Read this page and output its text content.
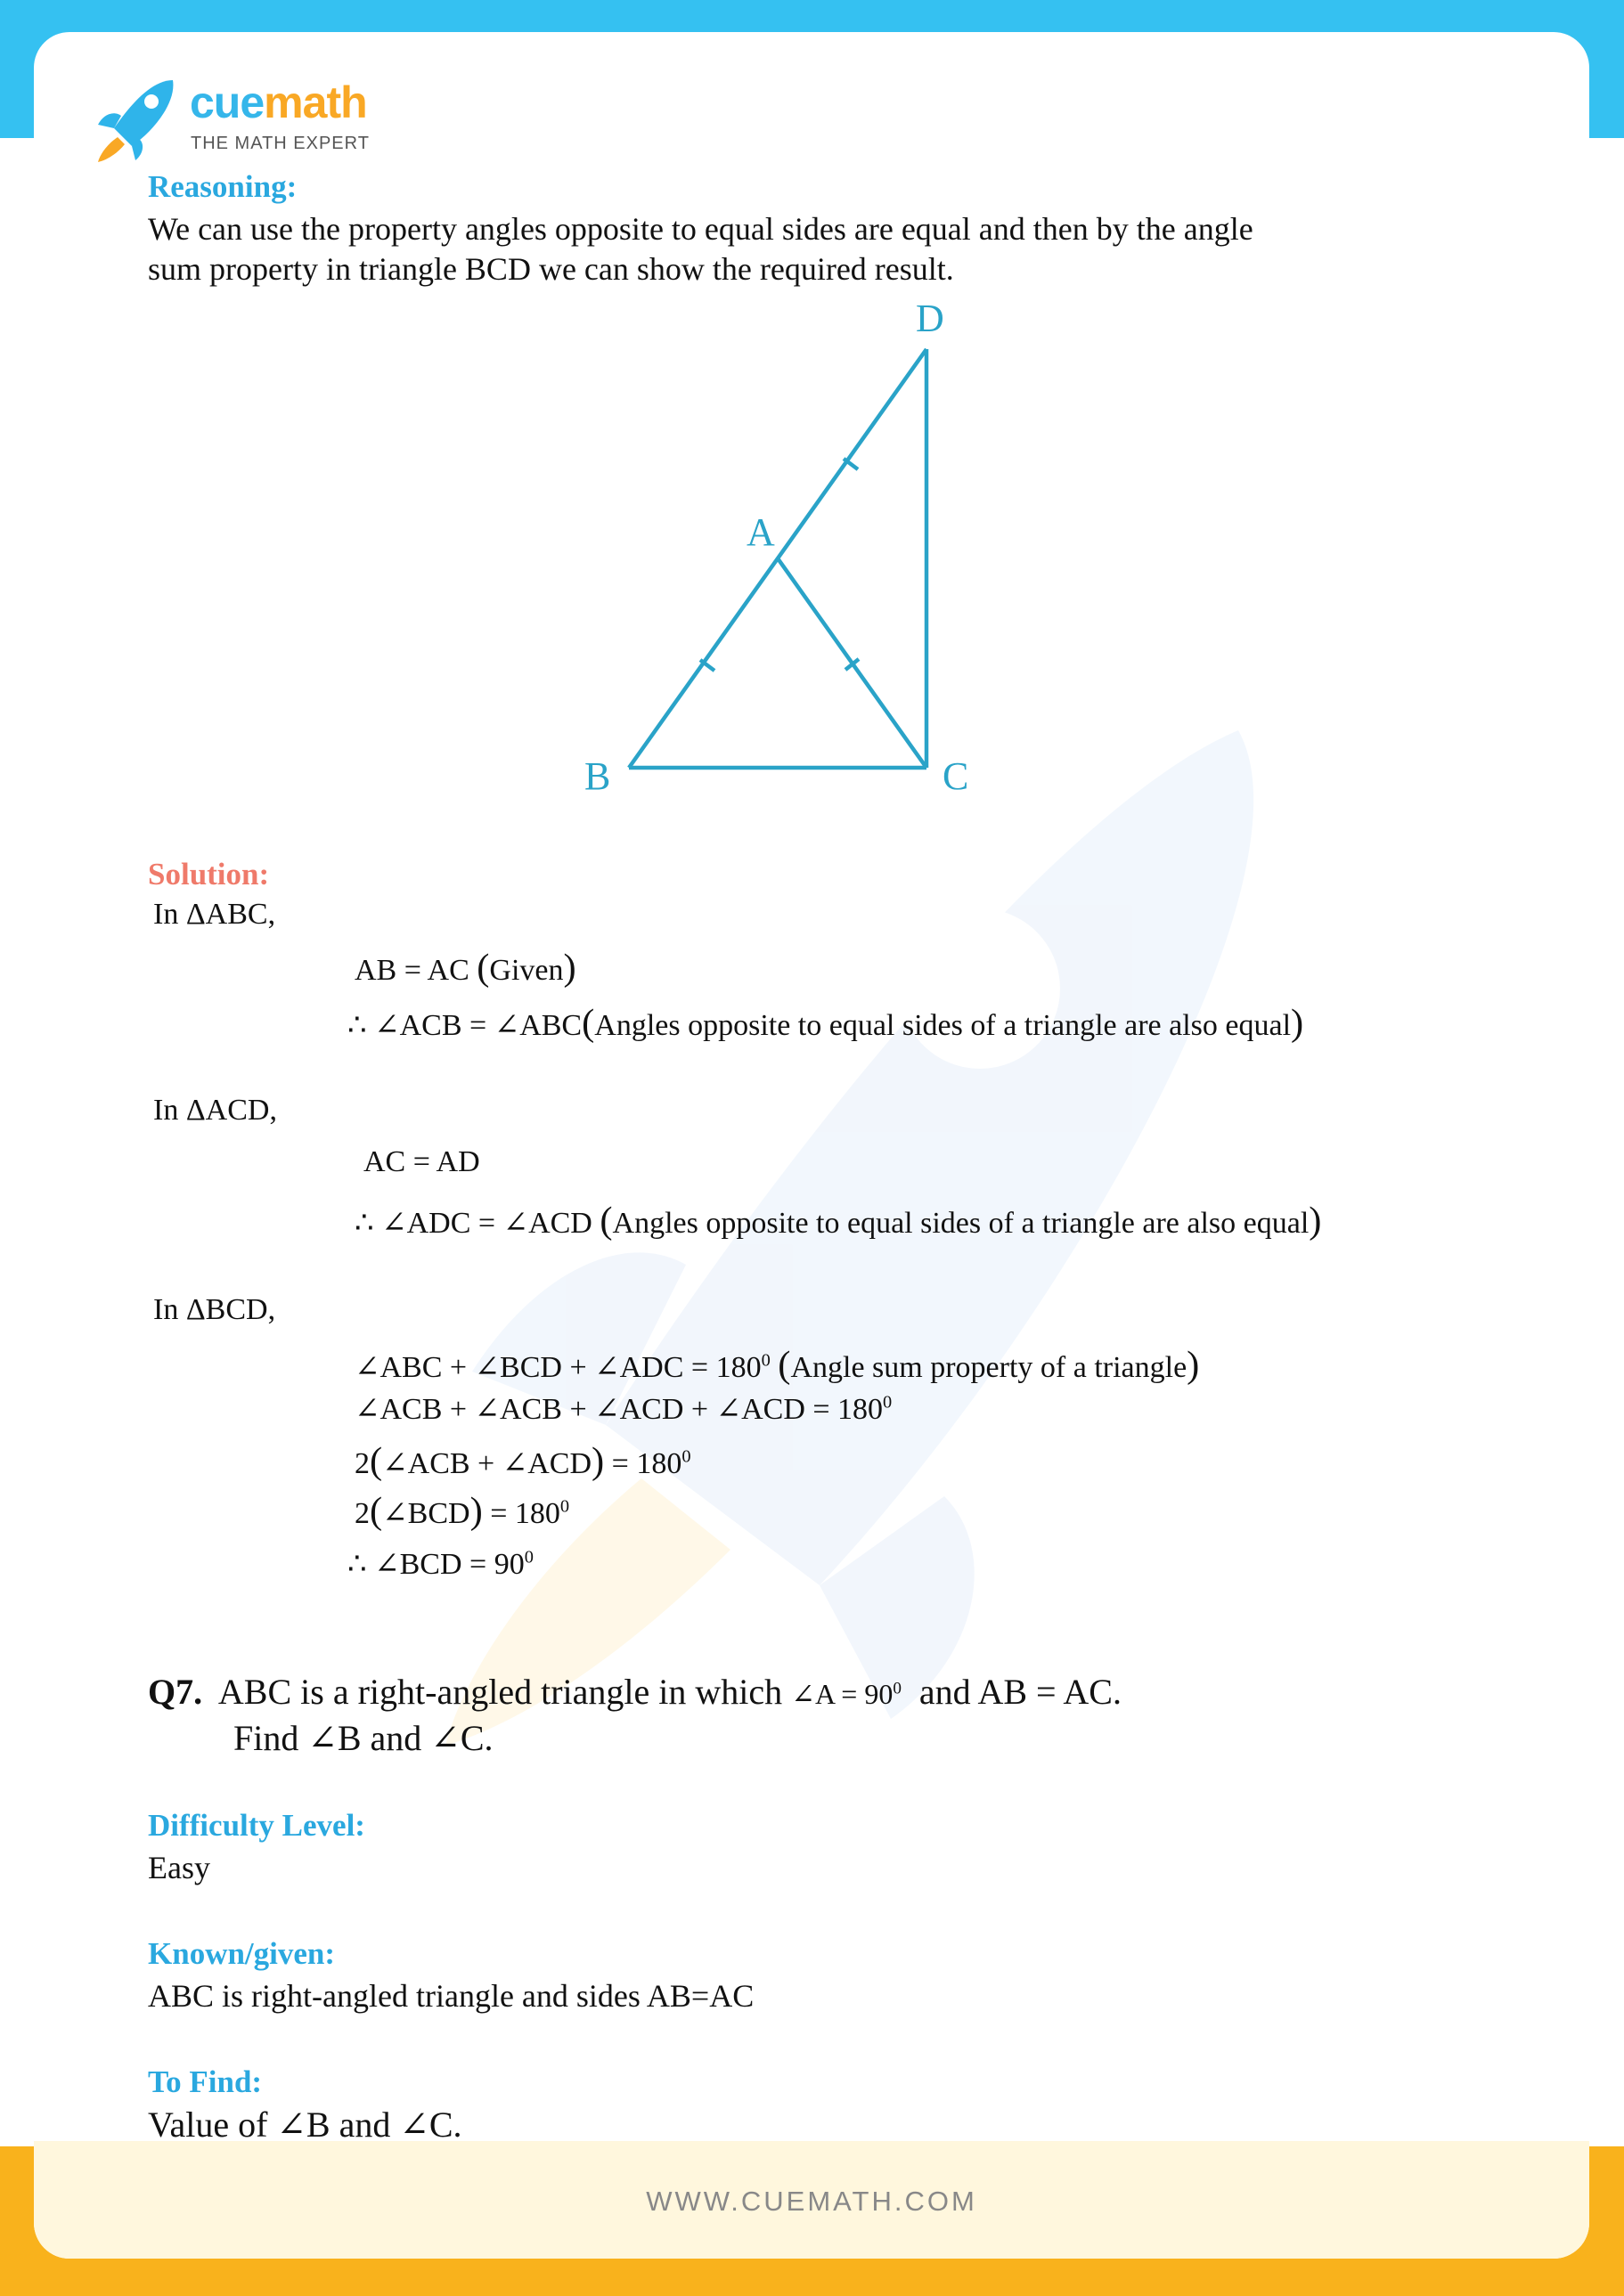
WWW.CUEMATH.COM
cuemath
THE MATH EXPERT
Reasoning:
We can use the property angles opposite to equal sides are equal and then by the angle
sum property in triangle BCD we can show the required result.
D
A
B	C
Solution:
In ΔABC,
AB = AC (Given)
∴ ∠ACB = ∠ABC(Angles opposite to equal sides of a triangle are also equal)
In ΔACD,
AC = AD
∴ ∠ADC = ∠ACD (Angles opposite to equal sides of a triangle are also equal)
In ΔBCD,
∠ABC + ∠BCD + ∠ADC = $180^0$ (Angle sum property of a triangle)
∠ACB + ∠ACB + ∠ACD + ∠ACD = $180^0$
2(∠ACB + ∠ACD) = $180^0$
2(∠BCD) = $180^0$
∴ ∠BCD = $90^0$
Q7. ABC is a right-angled triangle in which ∠A = $90^0$ and AB = AC.
Find ∠B and ∠C.
Difficulty Level:
Easy
Known/given:
ABC is right-angled triangle and sides AB=AC
To Find:
Value of ∠B and ∠C.
